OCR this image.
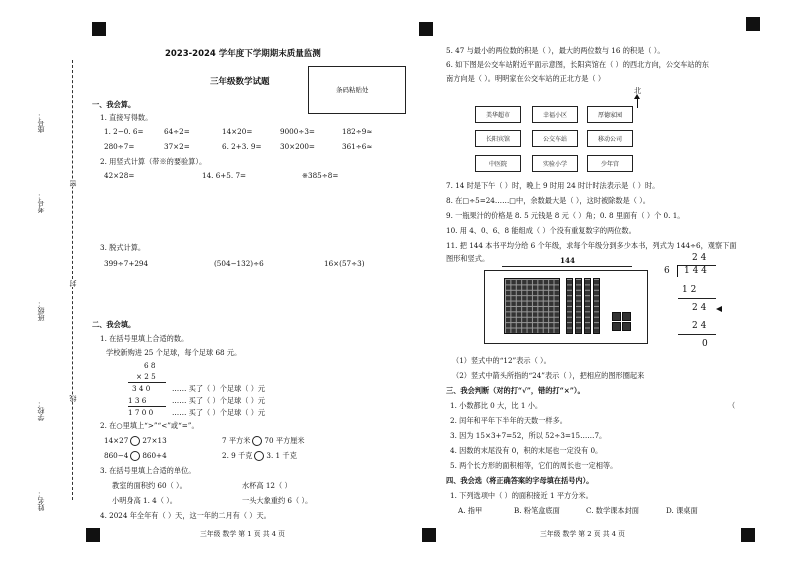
座号：
考号：
班级：
学校：
姓名：
密
封
线
2023-2024 学年度下学期期末质量监测
三年级数学试题
条码粘贴处
一、我会算。
1. 直接写得数。
1. 2−0. 6=	64÷2=	14×20=	9000÷3=	182÷9≈
280÷7=	37×2=	6. 2+3. 9=	30×200=	361÷6≈
2. 用竖式计算（带※的要验算）。
42×28=	14. 6+5. 7=	※385÷8=
3. 脱式计算。
399÷7+294	(504−132)÷6	16×(57÷3)
二、我会填。
1. 在括号里填上合适的数。
学校新购进 25 个足球，每个足球 68 元。
6 8
× 2 5
3 4 0	…… 买了（ ）个足球（ ）元
1 3 6	…… 买了（ ）个足球（ ）元
1 7 0 0	…… 买了（ ）个足球（ ）元
2. 在○里填上“>”“<”或“=”。
14×27 27×13	7 平方米 70 平方厘米
860−4 860+4	2. 9 千克 3. 1 千克
3. 在括号里填上合适的单位。
教室的面积约 60（ ）。	水杯高 12（ ）
小明身高 1. 4（ ）。	一头大象重约 6（ ）。
4. 2024 年全年有（ ）天，这一年的二月有（ ）天。
三年级 数学 第 1 页 共 4 页
5. 47 与最小的两位数的积是（ ），最大的两位数与 16 的积是（ ）。
6. 如下图是公交车站附近平面示意图，长阳宾馆在（ ）的西北方向，公交车站的东
南方向是（ ）。明明家在公交车站的正北方是（ ）
北
美华超市	幸福小区	厚德家园
长阳宾馆	公交车站	移动公司
中医院	实验小学	少年宫
7. 14 时是下午（ ）时，晚上 9 时用 24 时计时法表示是（ ）时。
8. 在□÷5=24……□中，余数最大是（ ），这时被除数是（ ）。
9. 一瓶果汁的价格是 8. 5 元钱是 8 元（ ）角；0. 8 里面有（ ）个 0. 1。
10. 用 4、0、6、8 能组成（ ）个没有重复数字的两位数。
11. 把 144 本书平均分给 6 个年级，求每个年级分到多少本书，列式为 144÷6，观察下面
图形和竖式。	144	2 4
6 1 4 4
1 2
2 4
2 4
0
（1）竖式中的“12”表示（ ）。
（2）竖式中箭头所指的“24”表示（ ），把相应的图形圈起来
三、我会判断（对的打“√”，错的打“×”）。
1. 小数都比 0 大，比 1 小。	（
2. 闰年和平年下半年的天数一样多。
3. 因为 15×3+7=52，所以 52÷3=15……7。
4. 因数的末尾没有 0，积的末尾也一定没有 0。
5. 两个长方形的面积相等，它们的周长也一定相等。
四、我会选（将正确答案的字母填在括号内）。
1. 下列选项中（ ）的面积接近 1 平方分米。
A. 指甲	B. 粉笔盒底面	C. 数学课本封面	D. 课桌面
三年级 数学 第 2 页 共 4 页
